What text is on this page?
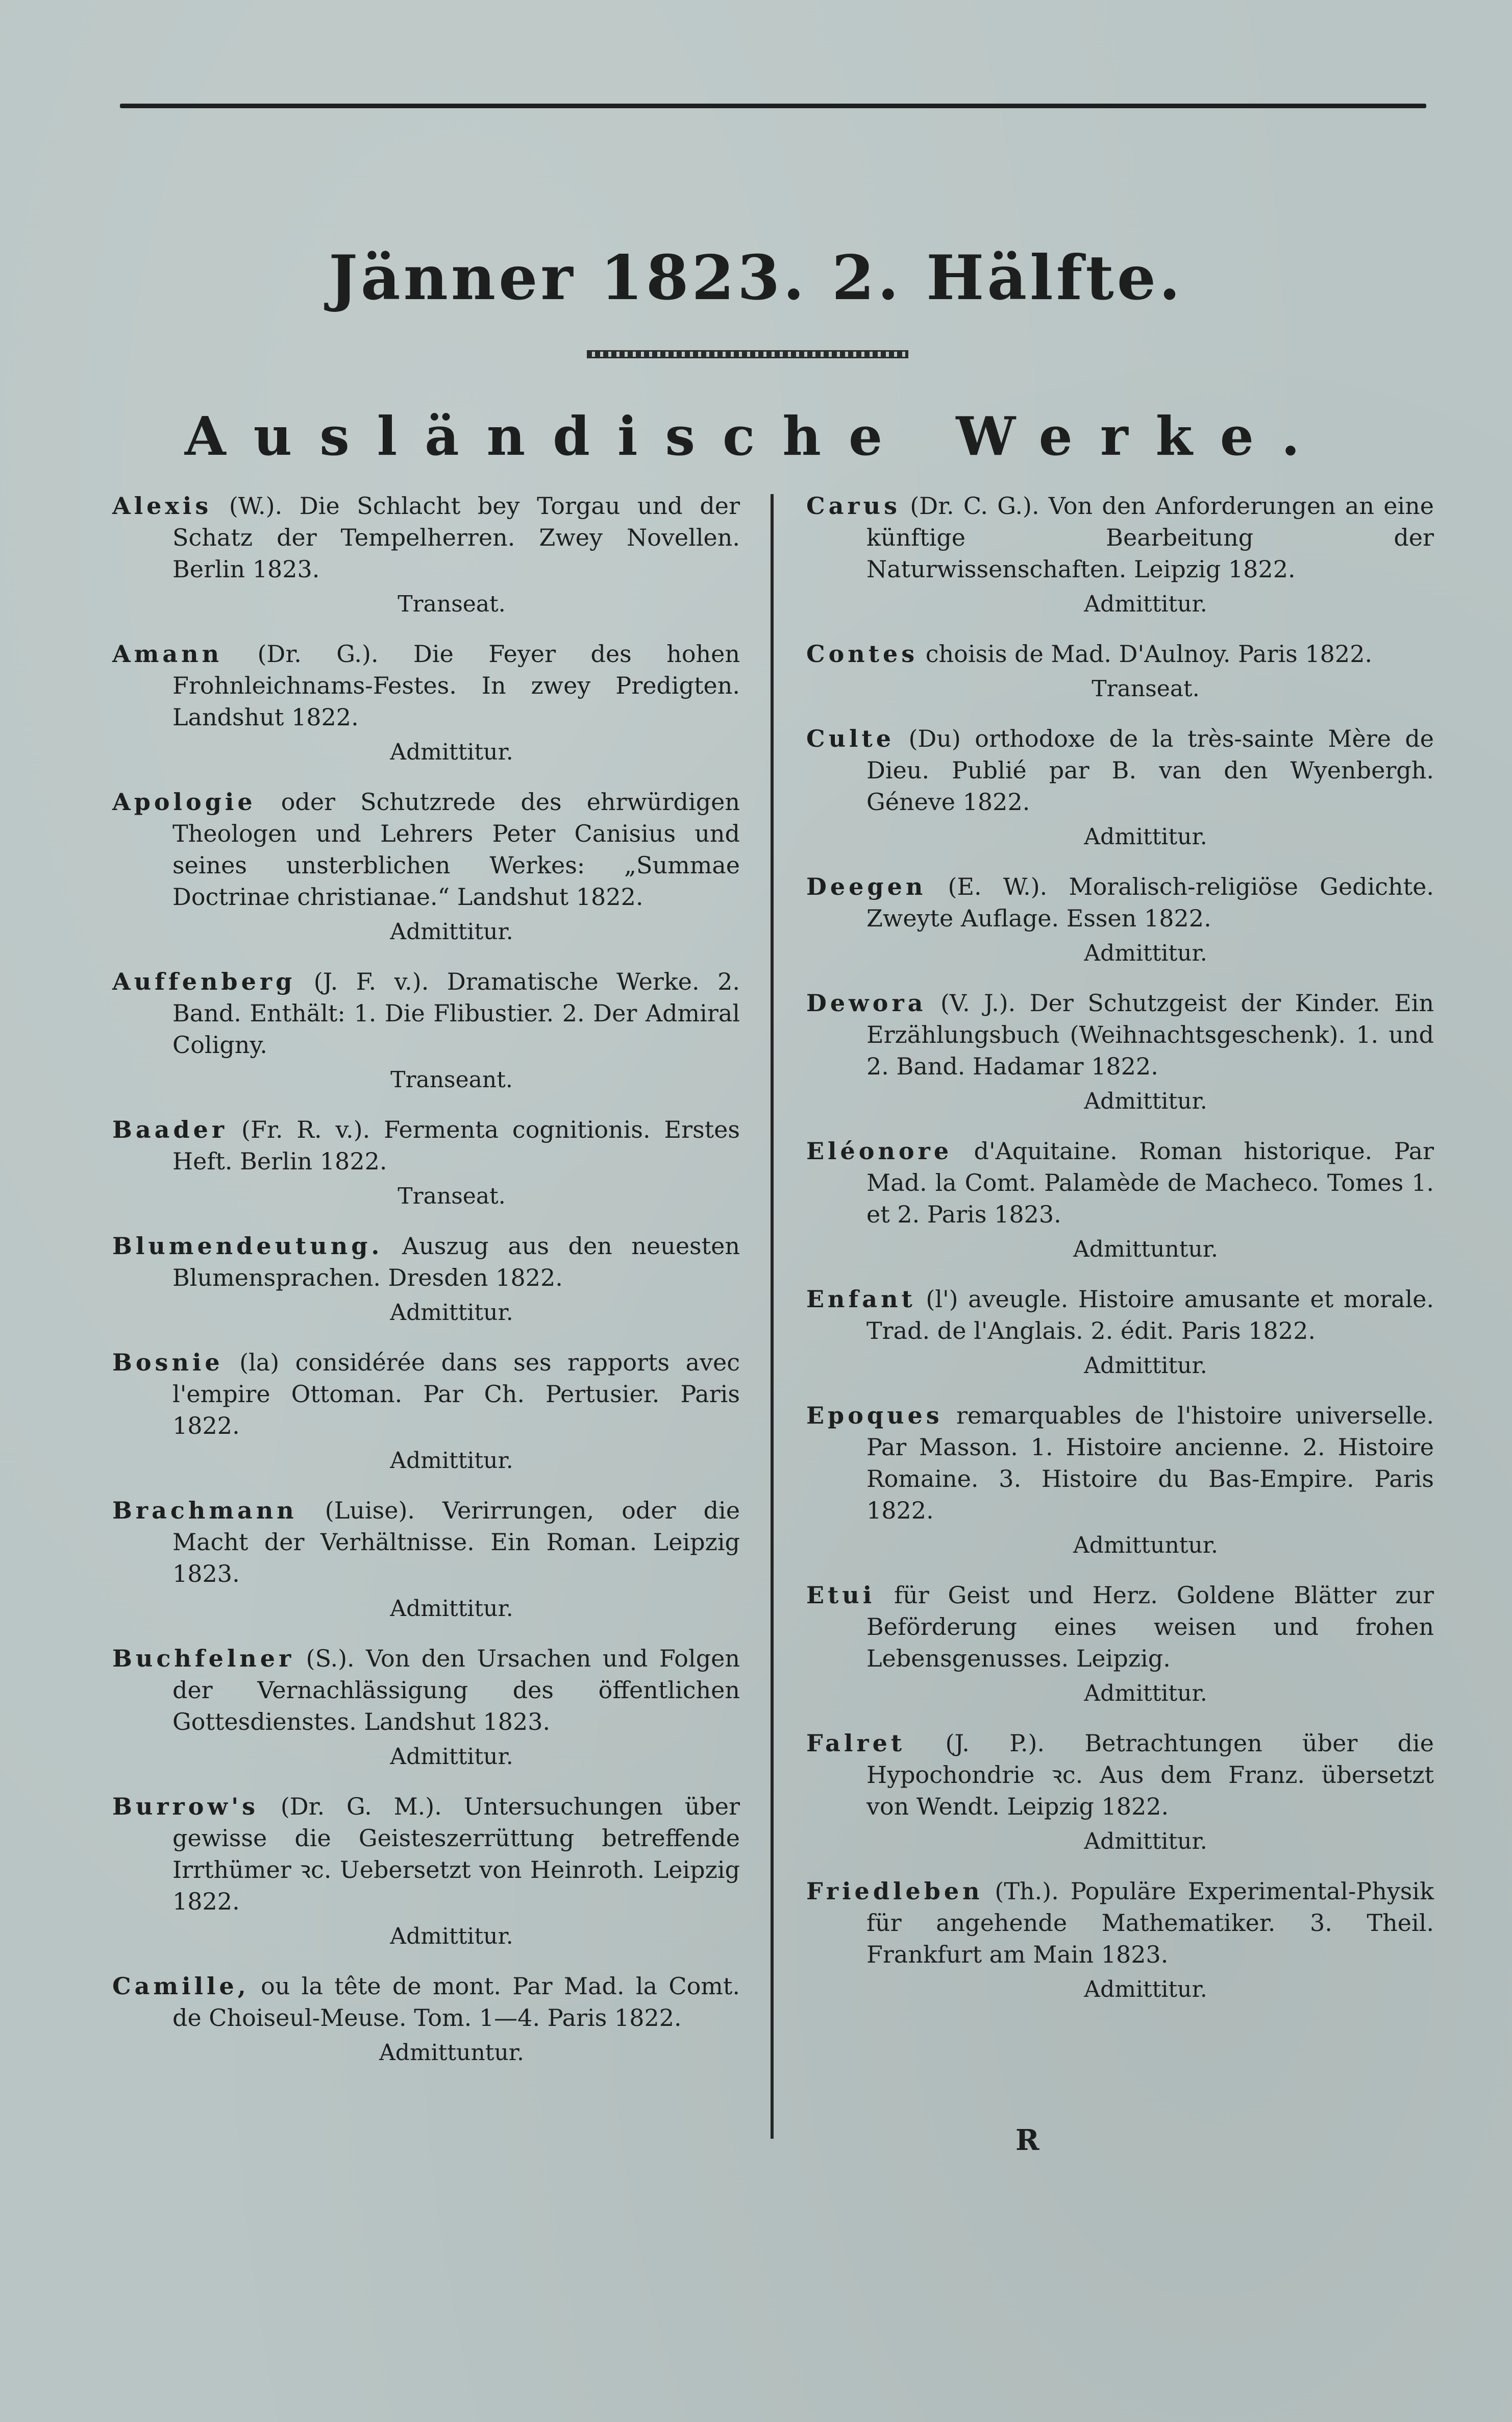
Jänner 1823. 2. Hälfte.
Ausländische Werke.
Alexis (W.). Die Schlacht bey Torgau und der Schatz der Tempelherren. Zwey Novellen. Berlin 1823.
Transeat.
Amann (Dr. G.). Die Feyer des hohen Frohnleichnams-Festes. In zwey Predigten. Landshut 1822.
Admittitur.
Apologie oder Schutzrede des ehrwürdigen Theologen und Lehrers Peter Canisius und seines unsterblichen Werkes: „Summae Doctrinae christianae.“ Landshut 1822.
Admittitur.
Auffenberg (J. F. v.). Dramatische Werke. 2. Band. Enthält: 1. Die Flibustier. 2. Der Admiral Coligny.
Transeant.
Baader (Fr. R. v.). Fermenta cognitionis. Erstes Heft. Berlin 1822.
Transeat.
Blumendeutung. Auszug aus den neuesten Blumensprachen. Dresden 1822.
Admittitur.
Bosnie (la) considérée dans ses rapports avec l'empire Ottoman. Par Ch. Pertusier. Paris 1822.
Admittitur.
Brachmann (Luise). Verirrungen, oder die Macht der Verhältnisse. Ein Roman. Leipzig 1823.
Admittitur.
Buchfelner (S.). Von den Ursachen und Folgen der Vernachlässigung des öffentlichen Gottesdienstes. Landshut 1823.
Admittitur.
Burrow's (Dr. G. M.). Untersuchungen über gewisse die Geisteszerrüttung betreffende Irrthümer ꝛc. Uebersetzt von Heinroth. Leipzig 1822.
Admittitur.
Camille, ou la tête de mont. Par Mad. la Comt. de Choiseul-Meuse. Tom. 1—4. Paris 1822.
Admittuntur.
Carus (Dr. C. G.). Von den Anforderungen an eine künftige Bearbeitung der Naturwissenschaften. Leipzig 1822.
Admittitur.
Contes choisis de Mad. D'Aulnoy. Paris 1822.
Transeat.
Culte (Du) orthodoxe de la très-sainte Mère de Dieu. Publié par B. van den Wyenbergh. Géneve 1822.
Admittitur.
Deegen (E. W.). Moralisch-religiöse Gedichte. Zweyte Auflage. Essen 1822.
Admittitur.
Dewora (V. J.). Der Schutzgeist der Kinder. Ein Erzählungsbuch (Weihnachtsgeschenk). 1. und 2. Band. Hadamar 1822.
Admittitur.
Eléonore d'Aquitaine. Roman historique. Par Mad. la Comt. Palamède de Macheco. Tomes 1. et 2. Paris 1823.
Admittuntur.
Enfant (l') aveugle. Histoire amusante et morale. Trad. de l'Anglais. 2. édit. Paris 1822.
Admittitur.
Epoques remarquables de l'histoire universelle. Par Masson. 1. Histoire ancienne. 2. Histoire Romaine. 3. Histoire du Bas-Empire. Paris 1822.
Admittuntur.
Etui für Geist und Herz. Goldene Blätter zur Beförderung eines weisen und frohen Lebensgenusses. Leipzig.
Admittitur.
Falret (J. P.). Betrachtungen über die Hypochondrie ꝛc. Aus dem Franz. übersetzt von Wendt. Leipzig 1822.
Admittitur.
Friedleben (Th.). Populäre Experimental-Physik für angehende Mathematiker. 3. Theil. Frankfurt am Main 1823.
Admittitur.
R
